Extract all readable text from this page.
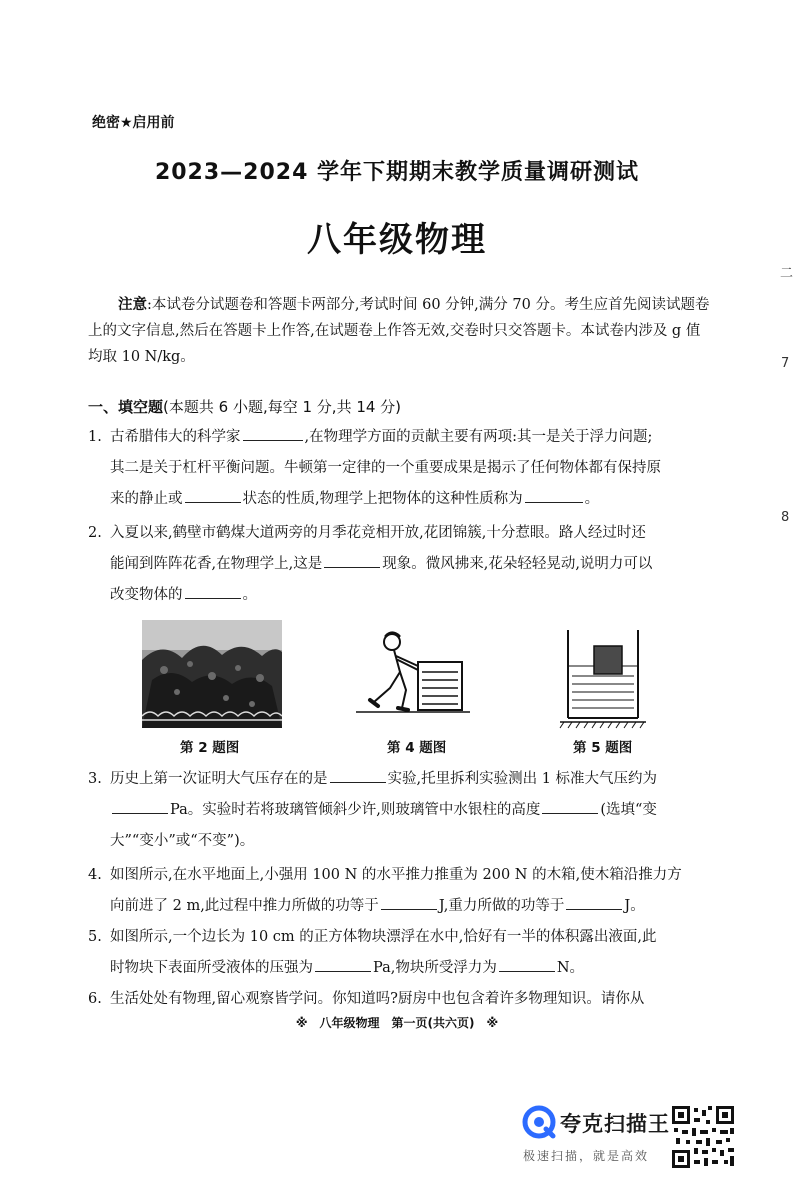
绝密★启用前
2023—2024 学年下期期末教学质量调研测试
八年级物理
注意:本试卷分试题卷和答题卡两部分,考试时间 60 分钟,满分 70 分。考生应首先阅读试题卷上的文字信息,然后在答题卡上作答,在试题卷上作答无效,交卷时只交答题卡。本试卷内涉及 g 值均取 10 N/kg。
一、填空题(本题共 6 小题,每空 1 分,共 14 分)
1. 古希腊伟大的科学家	,在物理学方面的贡献主要有两项:其一是关于浮力问题;
其二是关于杠杆平衡问题。牛顿第一定律的一个重要成果是揭示了任何物体都有保持原
来的静止或	状态的性质,物理学上把物体的这种性质称为	。
2. 入夏以来,鹤壁市鹤煤大道两旁的月季花竞相开放,花团锦簇,十分惹眼。路人经过时还
能闻到阵阵花香,在物理学上,这是	现象。微风拂来,花朵轻轻晃动,说明力可以
改变物体的	。
第 2 题图	第 4 题图	第 5 题图
3. 历史上第一次证明大气压存在的是	实验,托里拆利实验测出 1 标准大气压约为
Pa。实验时若将玻璃管倾斜少许,则玻璃管中水银柱的高度	(选填“变
大”“变小”或“不变”)。
4. 如图所示,在水平地面上,小强用 100 N 的水平推力推重为 200 N 的木箱,使木箱沿推力方
向前进了 2 m,此过程中推力所做的功等于	J,重力所做的功等于	J。
5. 如图所示,一个边长为 10 cm 的正方体物块漂浮在水中,恰好有一半的体积露出液面,此
时物块下表面所受液体的压强为	Pa,物块所受浮力为	N。
6. 生活处处有物理,留心观察皆学问。你知道吗?厨房中也包含着许多物理知识。请你从
※  八年级物理　第一页(共六页)  ※
二
7
8
夸克扫描王
极速扫描，就是高效
